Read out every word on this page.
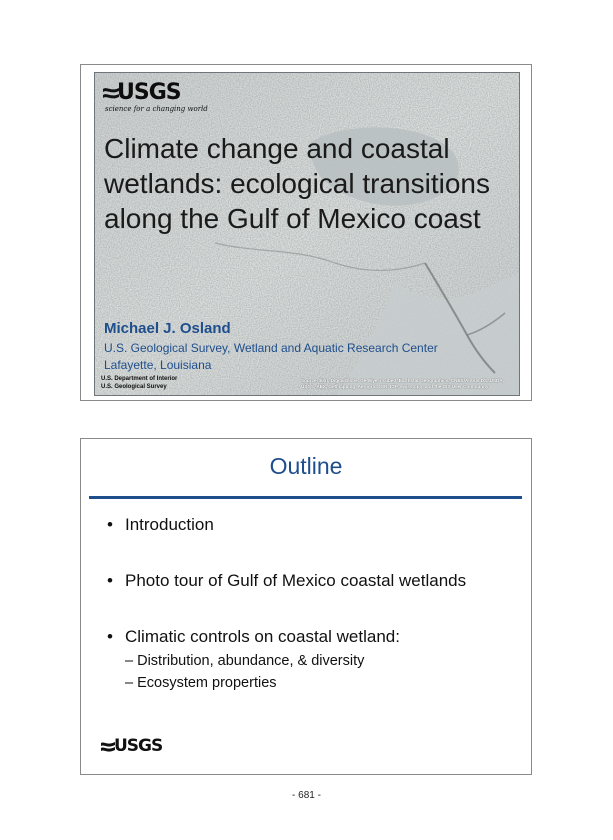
USGS
science for a changing world
Climate change and coastal wetlands: ecological transitions along the Gulf of Mexico coast

Michael J. Osland

U.S. Geological Survey, Wetland and Aquatic Research Center
Lafayette, Louisiana
U.S. Department of Interior
U.S. Geological Survey
Source: Esri, DigitalGlobe, GeoEye, i-cubed, Earthstar Geographics, CNES/Airbus DS, USDA, USGS, AEX, Getmapping, Aerogrid, IGN, IGP, swisstopo, and the GIS User Community
Outline
• Introduction
• Photo tour of Gulf of Mexico coastal wetlands
• Climatic controls on coastal wetland:
– Distribution, abundance, & diversity
– Ecosystem properties
USGS
- 681 -
